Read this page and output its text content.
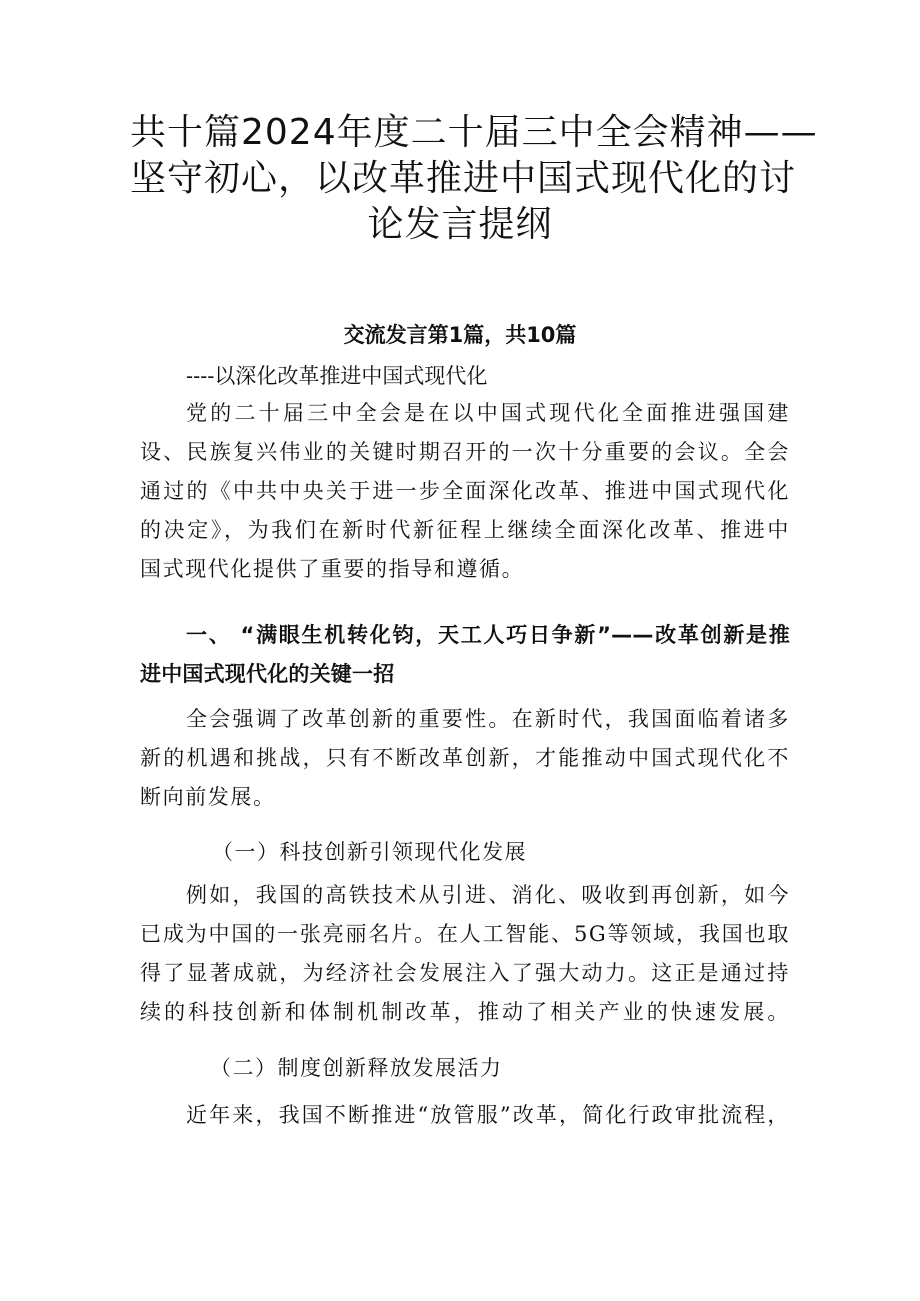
共十篇2024年度二十届三中全会精神——
坚守初心，以改革推进中国式现代化的讨
论发言提纲
交流发言第1篇，共10篇

----以深化改革推进中国式现代化

党的二十届三中全会是在以中国式现代化全面推进强国建
设、民族复兴伟业的关键时期召开的一次十分重要的会议。全会
通过的《中共中央关于进一步全面深化改革、推进中国式现代化
的决定》，为我们在新时代新征程上继续全面深化改革、推进中
国式现代化提供了重要的指导和遵循。
一、 “满眼生机转化钧，天工人巧日争新”——改革创新是推
进中国式现代化的关键一招
全会强调了改革创新的重要性。在新时代，我国面临着诸多
新的机遇和挑战，只有不断改革创新，才能推动中国式现代化不
断向前发展。

（一）科技创新引领现代化发展

例如，我国的高铁技术从引进、消化、吸收到再创新，如今
已成为中国的一张亮丽名片。在人工智能、5G等领域，我国也取
得了显著成就，为经济社会发展注入了强大动力。这正是通过持
续的科技创新和体制机制改革，推动了相关产业的快速发展。

（二）制度创新释放发展活力

近年来，我国不断推进“放管服”改革，简化行政审批流程，
